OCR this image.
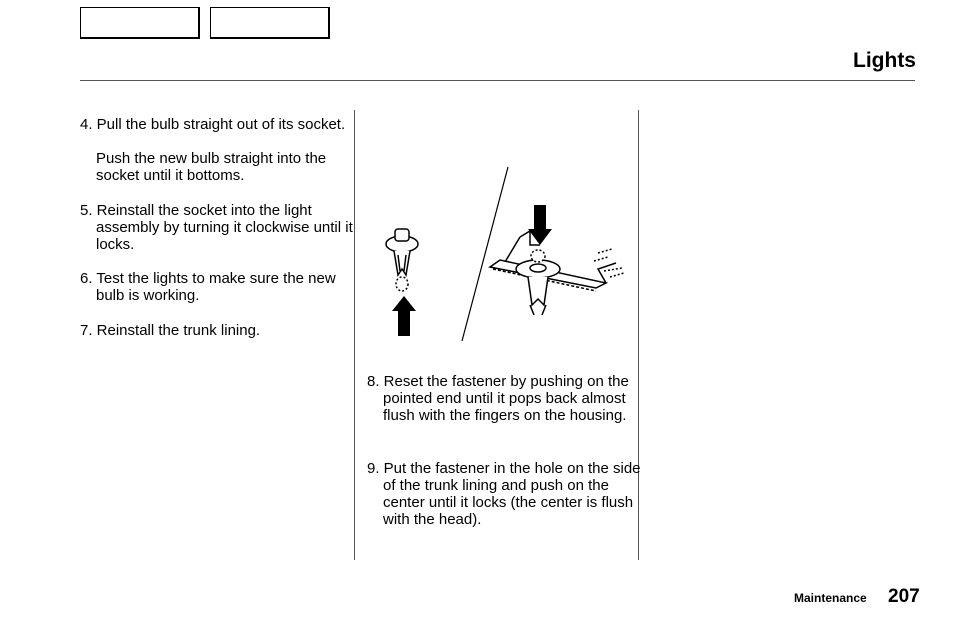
Lights

4. Pull the bulb straight out of its socket.

Push the new bulb straight into the socket until it bottoms.

5. Reinstall the socket into the light assembly by turning it clockwise until it locks.

6. Test the lights to make sure the new bulb is working.

7. Reinstall the trunk lining.

8. Reset the fastener by pushing on the pointed end until it pops back almost flush with the fingers on the housing.

9. Put the fastener in the hole on the side of the trunk lining and push on the center until it locks (the center is flush with the head).

Maintenance 207
